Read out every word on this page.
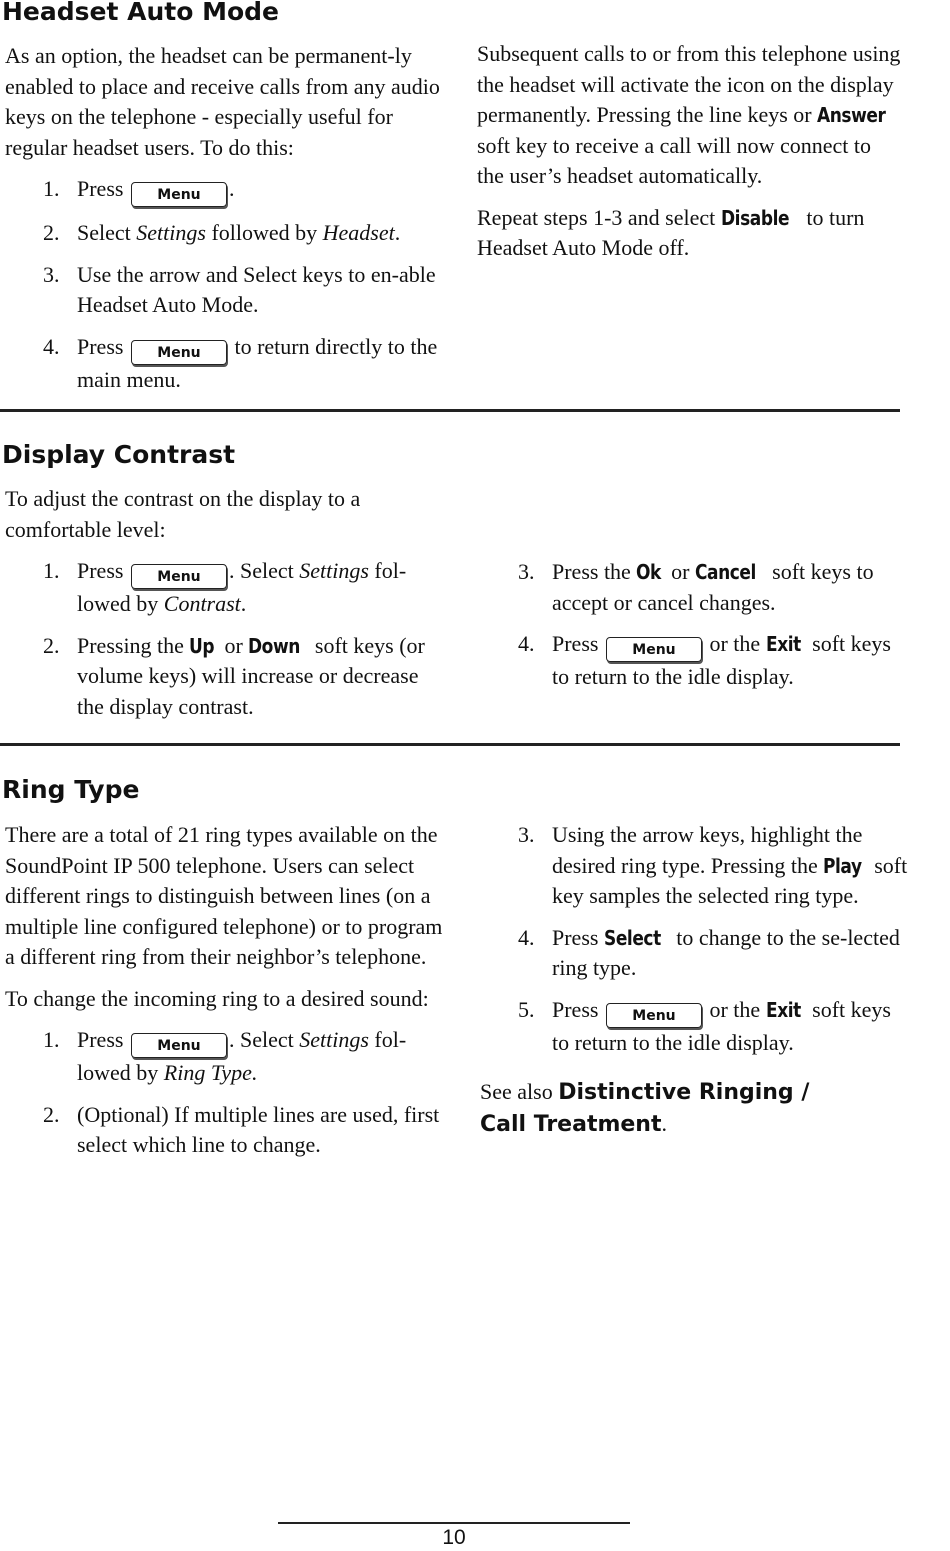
Headset Auto Mode

As an option, the headset can be permanent-ly enabled to place and receive calls from any audio keys on the telephone - especially useful for regular headset users. To do this:

1. Press Menu .
2. Select Settings followed by Headset.
3. Use the arrow and Select keys to en-able Headset Auto Mode.
4. Press Menu to return directly to the main menu.

Subsequent calls to or from this telephone using the headset will activate the icon on the display permanently. Pressing the line keys or Answer soft key to receive a call will now connect to the user’s headset automatically.

Repeat steps 1-3 and select Disable to turn Headset Auto Mode off.

Display Contrast

To adjust the contrast on the display to a comfortable level:

1. Press Menu . Select Settings fol-lowed by Contrast.
2. Pressing the Up or Down soft keys (or volume keys) will increase or decrease the display contrast.
3. Press the Ok or Cancel soft keys to accept or cancel changes.
4. Press Menu or the Exit soft keys to return to the idle display.
Ring Type

There are a total of 21 ring types available on the SoundPoint IP 500 telephone. Users can select different rings to distinguish between lines (on a multiple line configured telephone) or to program a different ring from their neighbor’s telephone.

To change the incoming ring to a desired sound:

1. Press Menu . Select Settings fol-lowed by Ring Type.
2. (Optional) If multiple lines are used, first select which line to change.
3. Using the arrow keys, highlight the desired ring type. Pressing the Play soft key samples the selected ring type.
4. Press Select to change to the se-lected ring type.
5. Press Menu or the Exit soft keys to return to the idle display.

See also Distinctive Ringing / Call Treatment.

10
